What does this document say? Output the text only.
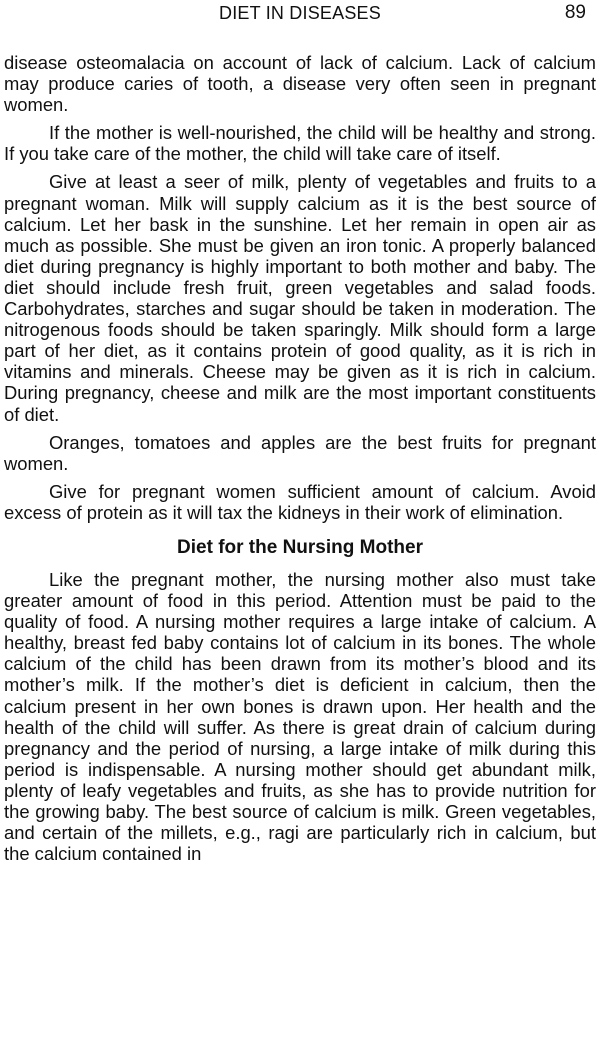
DIET IN DISEASES	89

disease osteomalacia on account of lack of calcium. Lack of calcium may produce caries of tooth, a disease very often seen in pregnant women.

If the mother is well-nourished, the child will be healthy and strong. If you take care of the mother, the child will take care of itself.

Give at least a seer of milk, plenty of vegetables and fruits to a pregnant woman. Milk will supply calcium as it is the best source of calcium. Let her bask in the sunshine. Let her remain in open air as much as possible. She must be given an iron tonic. A properly balanced diet during pregnancy is highly important to both mother and baby. The diet should include fresh fruit, green vegetables and salad foods. Carbohydrates, starches and sugar should be taken in moderation. The nitrogenous foods should be taken sparingly. Milk should form a large part of her diet, as it contains protein of good quality, as it is rich in vitamins and minerals. Cheese may be given as it is rich in calcium. During pregnancy, cheese and milk are the most important constituents of diet.

Oranges, tomatoes and apples are the best fruits for pregnant women.

Give for pregnant women sufficient amount of calcium. Avoid excess of protein as it will tax the kidneys in their work of elimination.

Diet for the Nursing Mother

Like the pregnant mother, the nursing mother also must take greater amount of food in this period. Attention must be paid to the quality of food. A nursing mother requires a large intake of calcium. A healthy, breast fed baby contains lot of calcium in its bones. The whole calcium of the child has been drawn from its mother’s blood and its mother’s milk. If the mother’s diet is deficient in calcium, then the calcium present in her own bones is drawn upon. Her health and the health of the child will suffer. As there is great drain of calcium during pregnancy and the period of nursing, a large intake of milk during this period is indispensable. A nursing mother should get abundant milk, plenty of leafy vegetables and fruits, as she has to provide nutrition for the growing baby. The best source of calcium is milk. Green vegetables, and certain of the millets, e.g., ragi are particularly rich in calcium, but the calcium contained in
